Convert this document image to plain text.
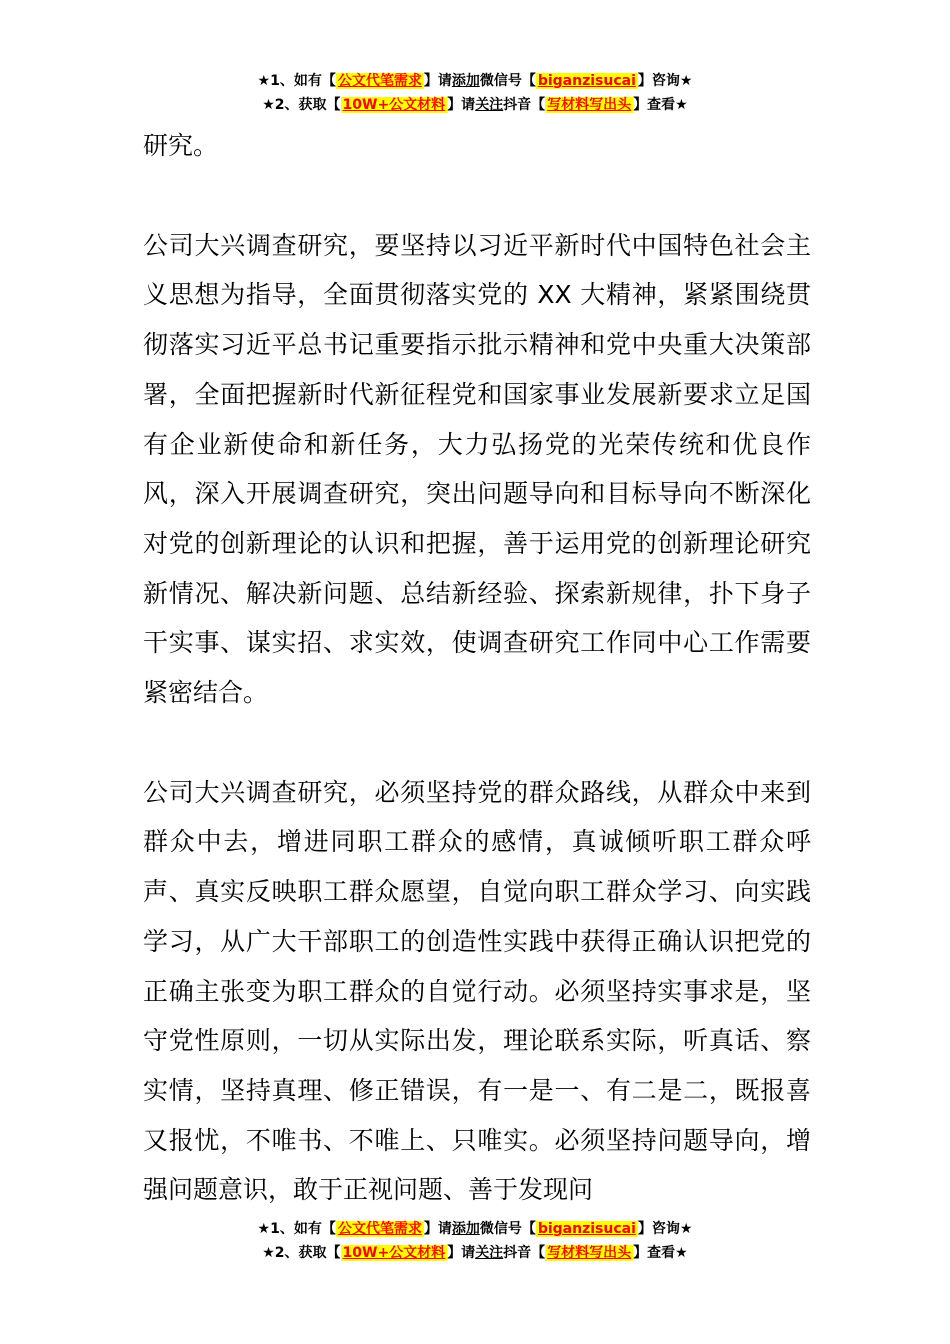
★1、如有【 公文代笔需求 】请添加微信号【 biganzisucai 】咨询★
★2、获取【 10W+公文材料 】请关注抖音【 写材料写出头 】查看★

研究。

公司大兴调查研究，要坚持以习近平新时代中国特色社会主义思想为指导，全面贯彻落实党的 XX 大精神，紧紧围绕贯彻落实习近平总书记重要指示批示精神和党中央重大决策部署，全面把握新时代新征程党和国家事业发展新要求立足国有企业新使命和新任务，大力弘扬党的光荣传统和优良作风，深入开展调查研究，突出问题导向和目标导向不断深化对党的创新理论的认识和把握，善于运用党的创新理论研究新情况、解决新问题、总结新经验、探索新规律，扑下身子干实事、谋实招、求实效，使调查研究工作同中心工作需要紧密结合。

公司大兴调查研究，必须坚持党的群众路线，从群众中来到群众中去，增进同职工群众的感情，真诚倾听职工群众呼声、真实反映职工群众愿望，自觉向职工群众学习、向实践学习，从广大干部职工的创造性实践中获得正确认识把党的正确主张变为职工群众的自觉行动。必须坚持实事求是，坚守党性原则，一切从实际出发，理论联系实际，听真话、察实情，坚持真理、修正错误，有一是一、有二是二，既报喜又报忧，不唯书、不唯上、只唯实。必须坚持问题导向，增强问题意识，敢于正视问题、善于发现问

★1、如有【 公文代笔需求 】请添加微信号【 biganzisucai 】咨询★
★2、获取【 10W+公文材料 】请关注抖音【 写材料写出头 】查看★
